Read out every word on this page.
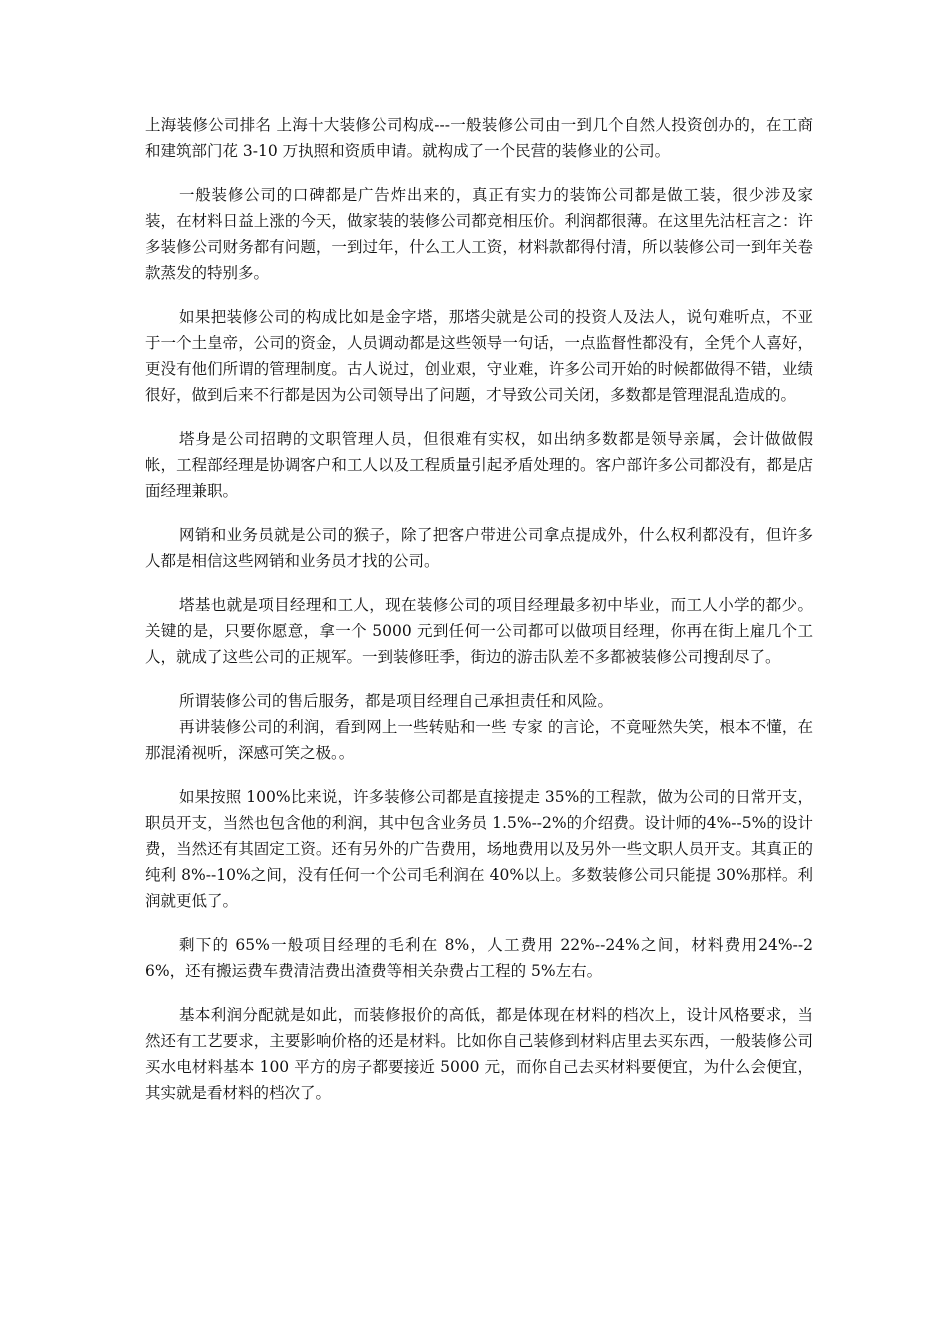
上海装修公司排名 上海十大装修公司构成---一般装修公司由一到几个自然人投资创办的，在工商和建筑部门花 3-10 万执照和资质申请。就构成了一个民营的装修业的公司。

一般装修公司的口碑都是广告炸出来的，真正有实力的装饰公司都是做工装，很少涉及家装，在材料日益上涨的今天，做家装的装修公司都竞相压价。利润都很薄。在这里先沽枉言之：许多装修公司财务都有问题，一到过年，什么工人工资，材料款都得付清，所以装修公司一到年关卷款蒸发的特别多。

如果把装修公司的构成比如是金字塔，那塔尖就是公司的投资人及法人，说句难听点，不亚于一个土皇帝，公司的资金，人员调动都是这些领导一句话，一点监督性都没有，全凭个人喜好，更没有他们所谓的管理制度。古人说过，创业艰，守业难，许多公司开始的时候都做得不错，业绩很好，做到后来不行都是因为公司领导出了问题，才导致公司关闭，多数都是管理混乱造成的。

塔身是公司招聘的文职管理人员，但很难有实权，如出纳多数都是领导亲属，会计做做假帐，工程部经理是协调客户和工人以及工程质量引起矛盾处理的。客户部许多公司都没有，都是店面经理兼职。

网销和业务员就是公司的猴子，除了把客户带进公司拿点提成外，什么权利都没有，但许多人都是相信这些网销和业务员才找的公司。

塔基也就是项目经理和工人，现在装修公司的项目经理最多初中毕业，而工人小学的都少。关键的是，只要你愿意，拿一个 5000 元到任何一公司都可以做项目经理，你再在街上雇几个工人，就成了这些公司的正规军。一到装修旺季，街边的游击队差不多都被装修公司搜刮尽了。

所谓装修公司的售后服务，都是项目经理自己承担责任和风险。

再讲装修公司的利润，看到网上一些转贴和一些 专家 的言论，不竟哑然失笑，根本不懂，在那混淆视听，深感可笑之极。。

如果按照 100%比来说，许多装修公司都是直接提走 35%的工程款，做为公司的日常开支，职员开支，当然也包含他的利润，其中包含业务员 1.5%--2%的介绍费。设计师的4%--5%的设计费，当然还有其固定工资。还有另外的广告费用，场地费用以及另外一些文职人员开支。其真正的纯利 8%--10%之间，没有任何一个公司毛利润在 40%以上。多数装修公司只能提 30%那样。利润就更低了。

剩下的 65%一般项目经理的毛利在 8%，人工费用 22%--24%之间，材料费用24%--26%，还有搬运费车费清洁费出渣费等相关杂费占工程的 5%左右。

基本利润分配就是如此，而装修报价的高低，都是体现在材料的档次上，设计风格要求，当然还有工艺要求，主要影响价格的还是材料。比如你自己装修到材料店里去买东西，一般装修公司买水电材料基本 100 平方的房子都要接近 5000 元，而你自己去买材料要便宜，为什么会便宜，其实就是看材料的档次了。
